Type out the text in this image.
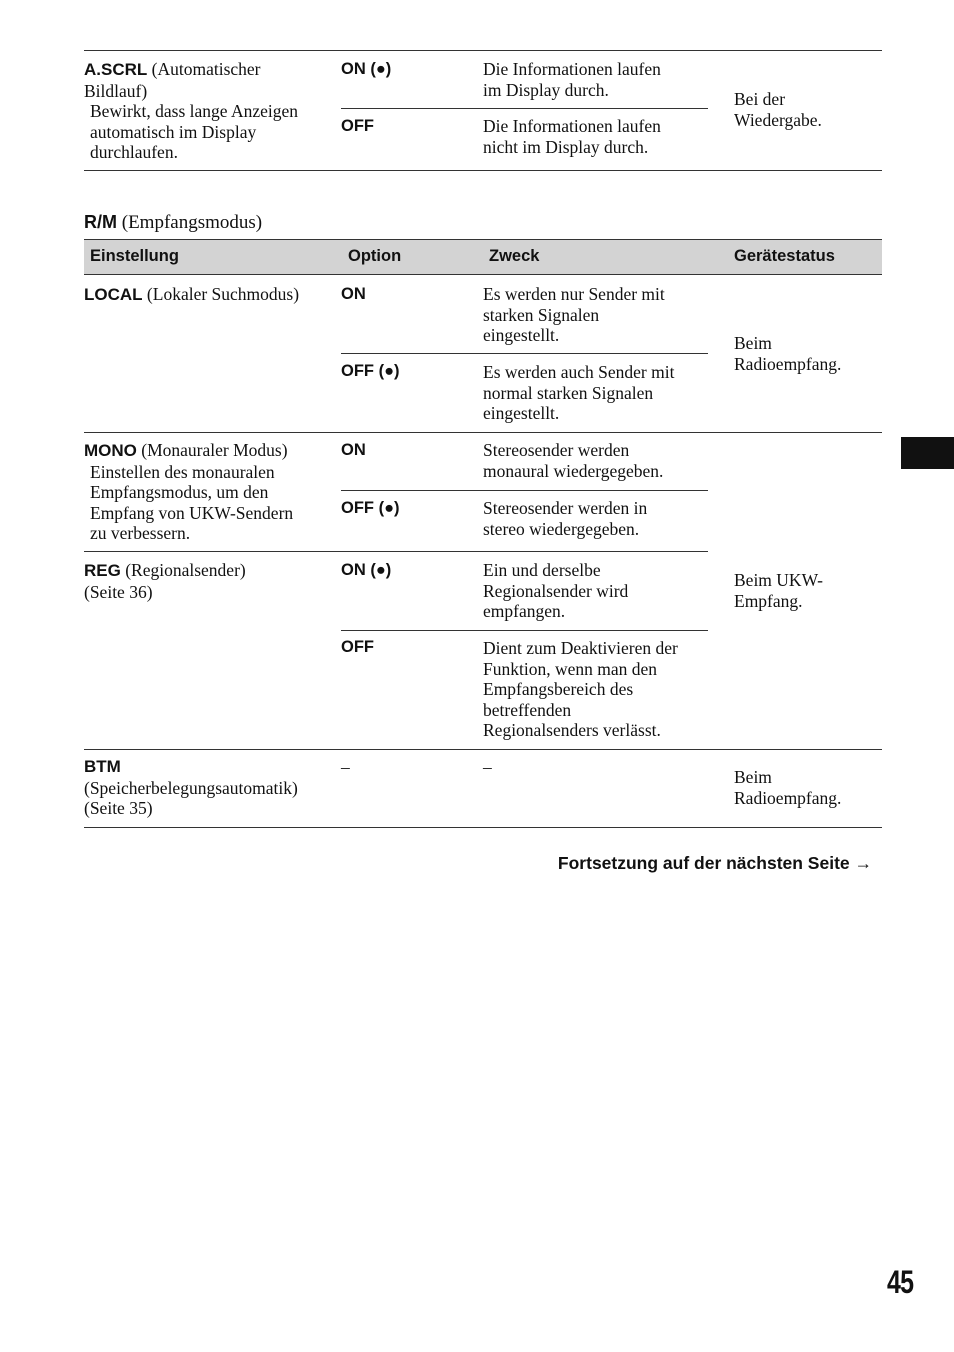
A.SCRL (Automatischer
Bildlauf)
Bewirkt, dass lange Anzeigen
automatisch im Display
durchlaufen.
ON (●)	Die Informationen laufen
im Display durch.
OFF	Die Informationen laufen
nicht im Display durch.
Bei der
Wiedergabe.
R/M (Empfangsmodus)
Einstellung	Option	Zweck	Gerätestatus
LOCAL (Lokaler Suchmodus)	ON	Es werden nur Sender mit
starken Signalen
eingestellt.
OFF (●)	Es werden auch Sender mit
normal starken Signalen
eingestellt.
Beim
Radioempfang.
MONO (Monauraler Modus)
Einstellen des monauralen
Empfangsmodus, um den
Empfang von UKW-Sendern
zu verbessern.
ON	Stereosender werden
monaural wiedergegeben.
OFF (●)	Stereosender werden in
stereo wiedergegeben.
REG (Regionalsender)
(Seite 36)
ON (●)	Ein und derselbe
Regionalsender wird
empfangen.
OFF	Dient zum Deaktivieren der
Funktion, wenn man den
Empfangsbereich des
betreffenden
Regionalsenders verlässt.
Beim UKW-
Empfang.
BTM
(Speicherbelegungsautomatik)
(Seite 35)
–	–	Beim
Radioempfang.
Fortsetzung auf der nächsten Seite →
45
